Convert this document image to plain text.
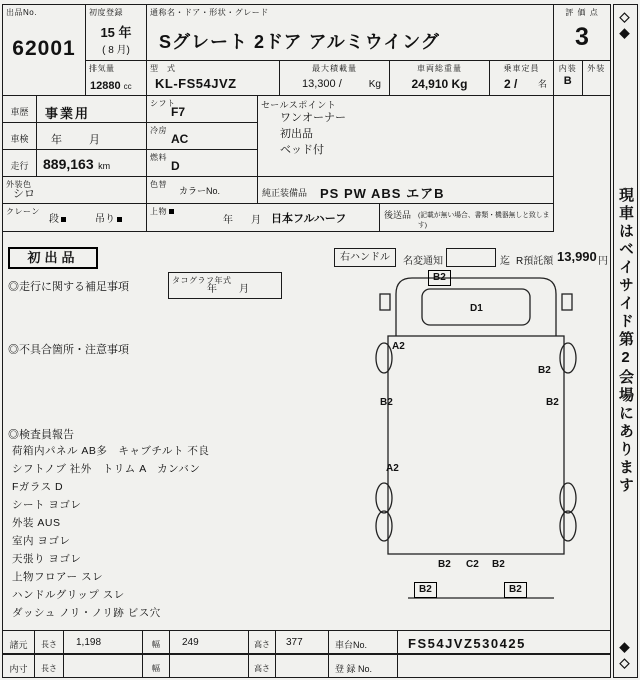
出品No.
62001
初度登録
15 年
( 8 月)
通称名・ドア・形状・グレード
Sグレート 2ドア アルミウイング
評 価 点
3
排気量
12880 cc
型　式
KL-FS54JVZ
最大積載量
13,300 /	Kg
車両総重量
24,910 Kg
乗車定員
2 / 名
内装
B
外装
車歴	事業用
シフト
F7
車検	年　月
冷房
AC
走行	889,163 km
燃料
D
外装色
シロ
色替
カラーNo.
クレーン
段	吊り
上物
年 月 日本フルハーフ	後送品 (記載が無い場合、書類・機器無しと致します)
セールスポイント
ワンオーナー
初出品
ベッド付
純正装備品 PS PW ABS エアB
初出品	右ハンドル	名変通知	迄 R預託額 13,990 円
◎走行に関する補足事項
タコグラフ年式
年　月
◎不具合箇所・注意事項
◎検査員報告
荷箱内パネル AB多　キャブチルト 不良
シフトノブ 社外　トリム A　カンバン
Fガラス D
シート ヨゴレ
外装 AUS
室内 ヨゴレ
天張り ヨゴレ
上物フロアー スレ
ハンドルグリップ スレ
ダッシュ ノリ・ノリ跡 ビス穴
B2
D1
A2
B2
B2	B2
A2
B2 C2 B2
B2	B2
諸元	長さ	1,198	幅	249	高さ	377	車台No.	FS54JVZ530425
内寸	長さ	幅	高さ	登 録 No.
◇◆
現車はベイサイド第2会場にあります
◆◇
